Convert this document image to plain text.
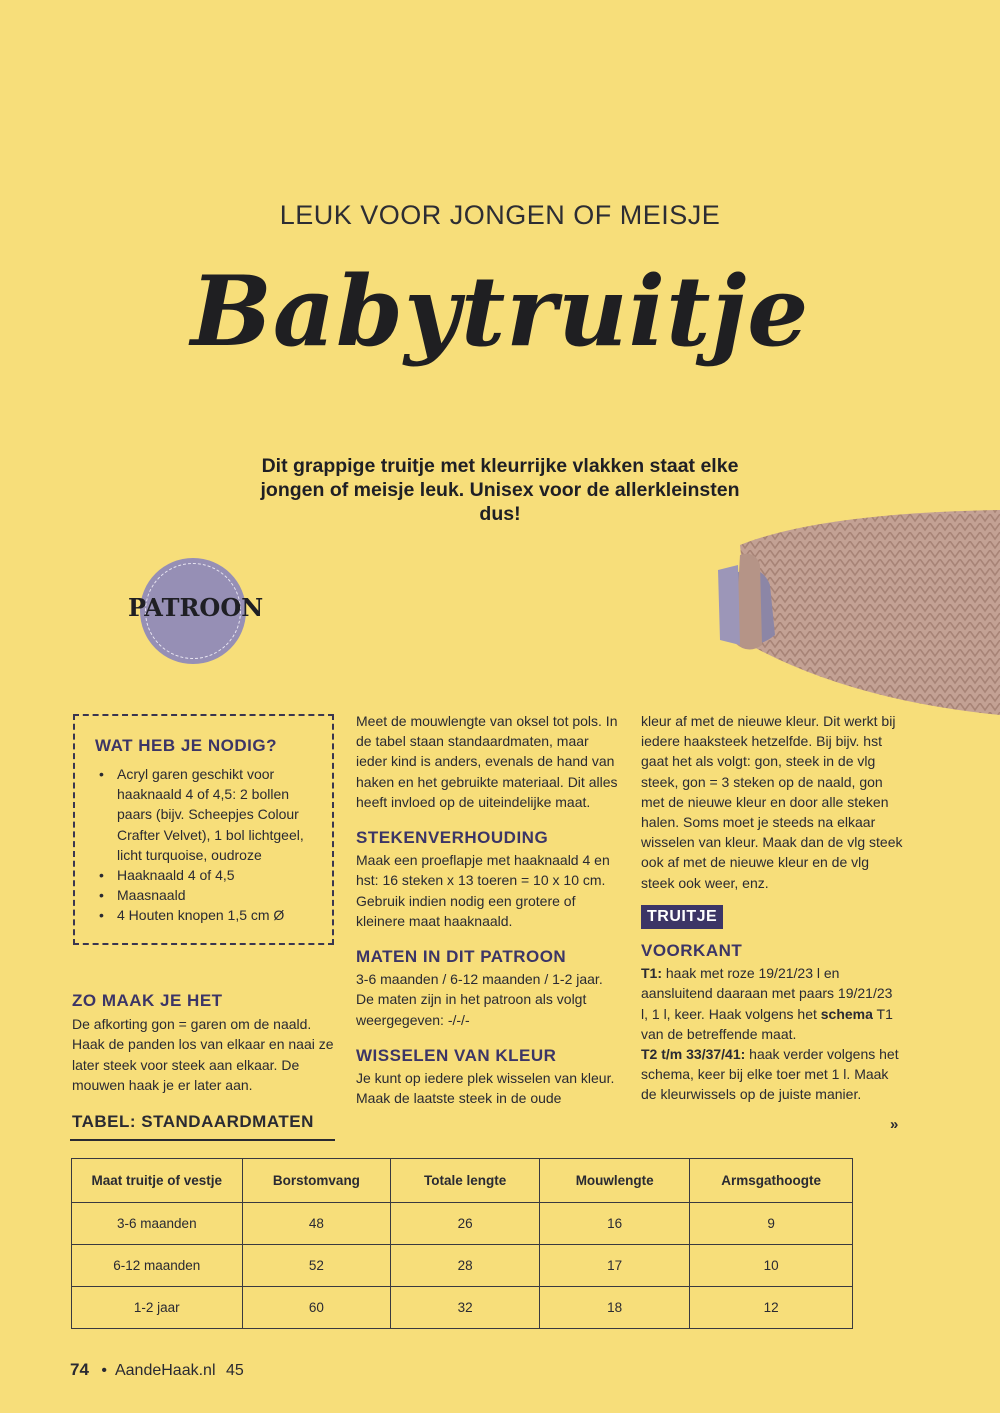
LEUK VOOR JONGEN OF MEISJE
Babytruitje
Dit grappige truitje met kleurrijke vlakken staat elke jongen of meisje leuk. Unisex voor de allerkleinsten dus!
PATROON
WAT HEB JE NODIG?
• Acryl garen geschikt voor haaknaald 4 of 4,5: 2 bollen paars (bijv. Scheepjes Colour Crafter Velvet), 1 bol lichtgeel, licht turquoise, oudroze
• Haaknaald 4 of 4,5
• Maasnaald
• 4 Houten knopen 1,5 cm Ø
ZO MAAK JE HET

De afkorting gon = garen om de naald. Haak de panden los van elkaar en naai ze later steek voor steek aan elkaar. De mouwen haak je er later aan.

TABEL: STANDAARDMATEN

Meet de mouwlengte van oksel tot pols. In de tabel staan standaardmaten, maar ieder kind is anders, evenals de hand van haken en het gebruikte materiaal. Dit alles heeft invloed op de uiteindelijke maat.

STEKENVERHOUDING

Maak een proeflapje met haaknaald 4 en hst: 16 steken x 13 toeren = 10 x 10 cm. Gebruik indien nodig een grotere of kleinere maat haaknaald.

MATEN IN DIT PATROON

3-6 maanden / 6-12 maanden / 1-2 jaar. De maten zijn in het patroon als volgt weergegeven: -/-/-

WISSELEN VAN KLEUR

Je kunt op iedere plek wisselen van kleur. Maak de laatste steek in de oude

kleur af met de nieuwe kleur. Dit werkt bij iedere haaksteek hetzelfde. Bij bijv. hst gaat het als volgt: gon, steek in de vlg steek, gon = 3 steken op de naald, gon met de nieuwe kleur en door alle steken halen. Soms moet je steeds na elkaar wisselen van kleur. Maak dan de vlg steek ook af met de nieuwe kleur en de vlg steek ook weer, enz.

TRUITJE
VOORKANT

T1: haak met roze 19/21/23 l en aansluitend daaraan met paars 19/21/23 l, 1 l, keer. Haak volgens het schema T1 van de betreffende maat.

T2 t/m 33/37/41: haak verder volgens het schema, keer bij elke toer met 1 l. Maak de kleurwissels op de juiste manier.

»
Maat truitje of vestje	Borstomvang	Totale lengte	Mouwlengte	Armsgathoogte
3-6 maanden	48	26	16	9
6-12 maanden	52	28	17	10
1-2 jaar	60	32	18	12
74 • AandeHaak.nl 45
